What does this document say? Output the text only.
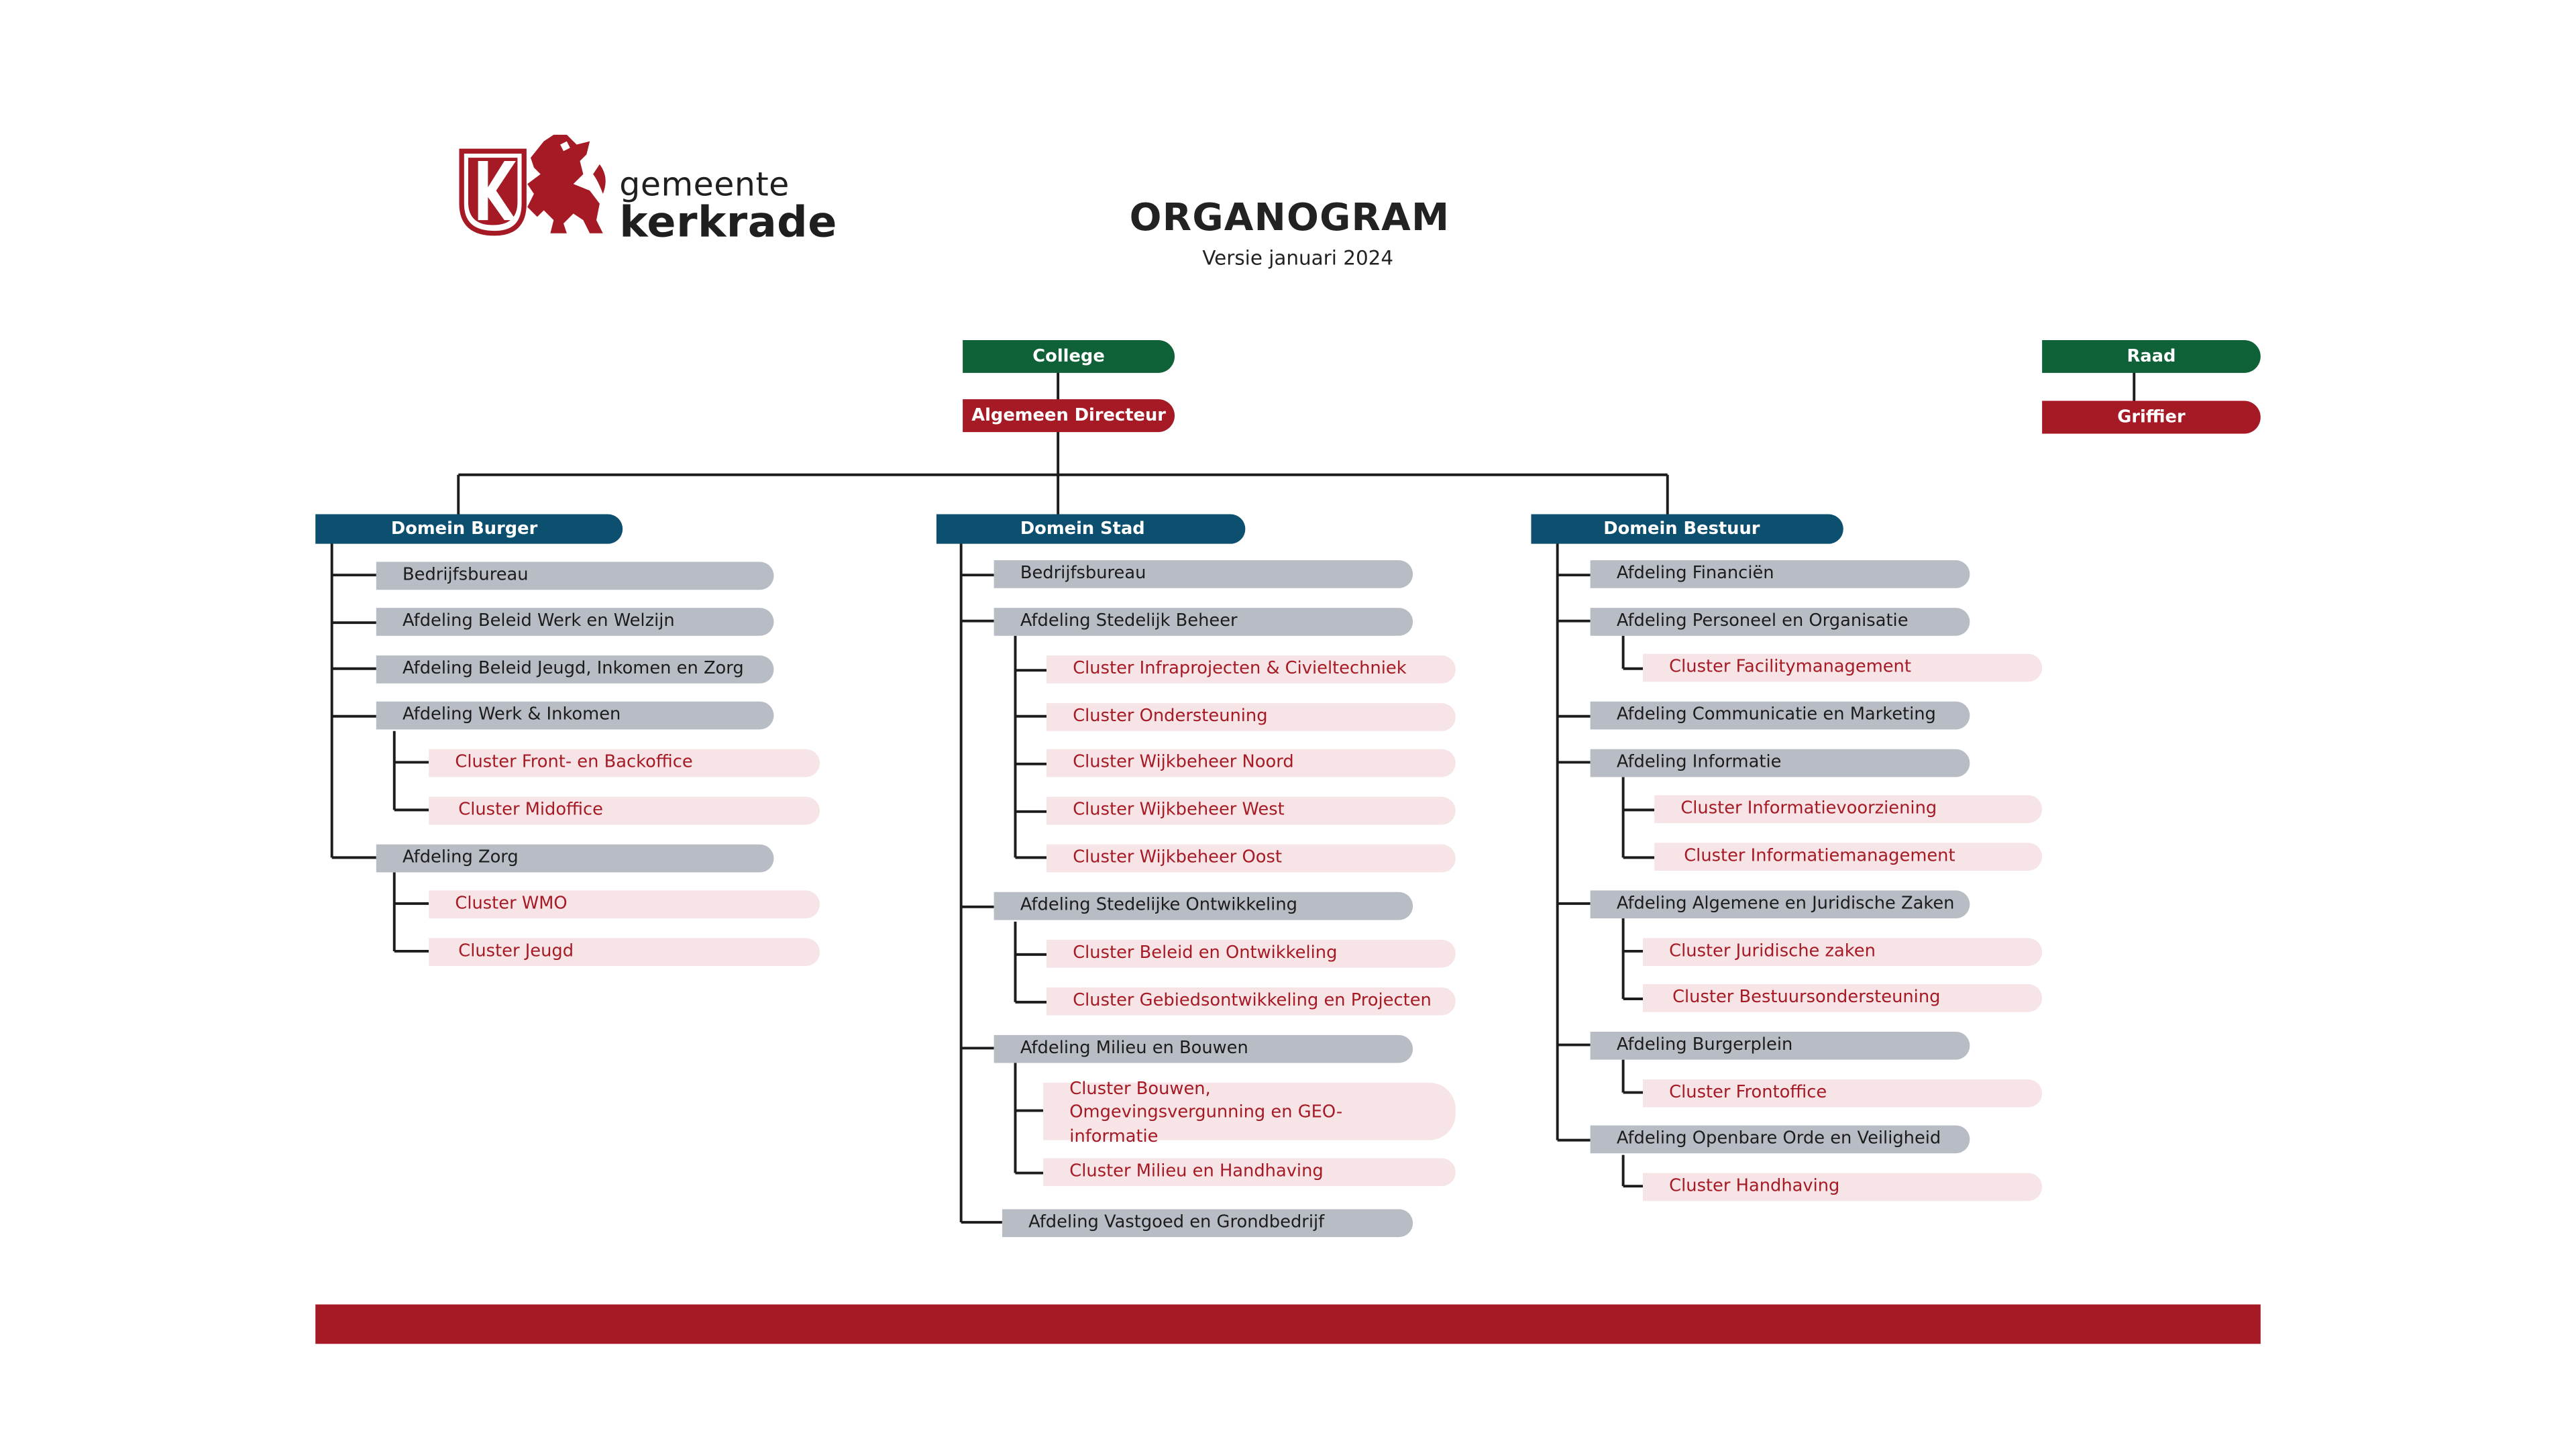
gemeente
kerkrade	ORGANOGRAM
Versie januari 2024
College
Algemeen Directeur
Raad
Griffier
Domein Burger
Bedrijfsbureau
Afdeling Beleid Werk en Welzijn
Afdeling Beleid Jeugd, Inkomen en Zorg
Afdeling Werk & Inkomen
Cluster Front- en Backoffice
Cluster Midoffice
Afdeling Zorg
Cluster WMO
Cluster Jeugd
Domein Stad
Bedrijfsbureau
Afdeling Stedelijk Beheer
Cluster Infraprojecten & Civieltechniek
Cluster Ondersteuning
Cluster Wijkbeheer Noord
Cluster Wijkbeheer West
Cluster Wijkbeheer Oost
Afdeling Stedelijke Ontwikkeling
Cluster Beleid en Ontwikkeling
Cluster Gebiedsontwikkeling en Projecten
Afdeling Milieu en Bouwen
Cluster Bouwen, Omgevingsvergunning en GEO-informatie
Cluster Milieu en Handhaving
Afdeling Vastgoed en Grondbedrijf
Domein Bestuur
Afdeling Financiën
Afdeling Personeel en Organisatie
Cluster Facilitymanagement
Afdeling Communicatie en Marketing
Afdeling Informatie
Cluster Informatievoorziening
Cluster Informatiemanagement
Afdeling Algemene en Juridische Zaken
Cluster Juridische zaken
Cluster Bestuursondersteuning
Afdeling Burgerplein
Cluster Frontoffice
Afdeling Openbare Orde en Veiligheid
Cluster Handhaving
